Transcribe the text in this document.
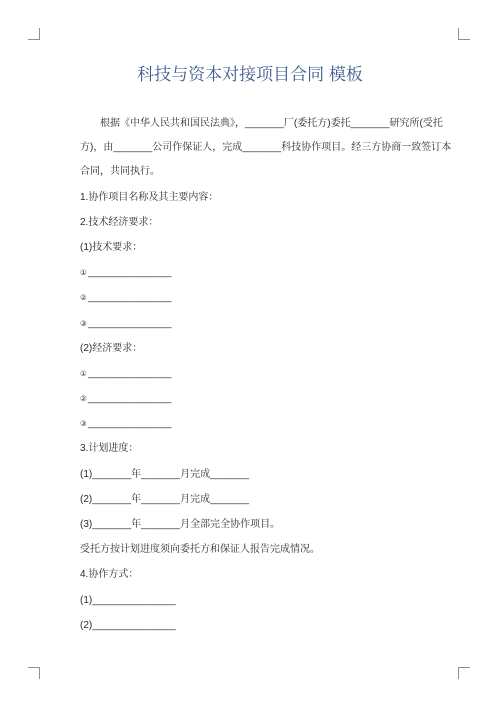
科技与资本对接项目合同 模板
根据《中华人民共和国民法典》，_______厂(委托方)委托_______研究所(受托
方)，由_______公司作保证人，完成_______科技协作项目。经三方协商一致签订本
合同，共同执行。
1.协作项目名称及其主要内容：
2.技术经济要求：
(1)技术要求：
①_______________
②_______________
③_______________
(2)经济要求：
①_______________
②_______________
③_______________
3.计划进度：
(1)_______年_______月完成_______
(2)_______年_______月完成_______
(3)_______年_______月全部完全协作项目。
受托方按计划进度须向委托方和保证人报告完成情况。
4.协作方式：
(1)_______________
(2)_______________
